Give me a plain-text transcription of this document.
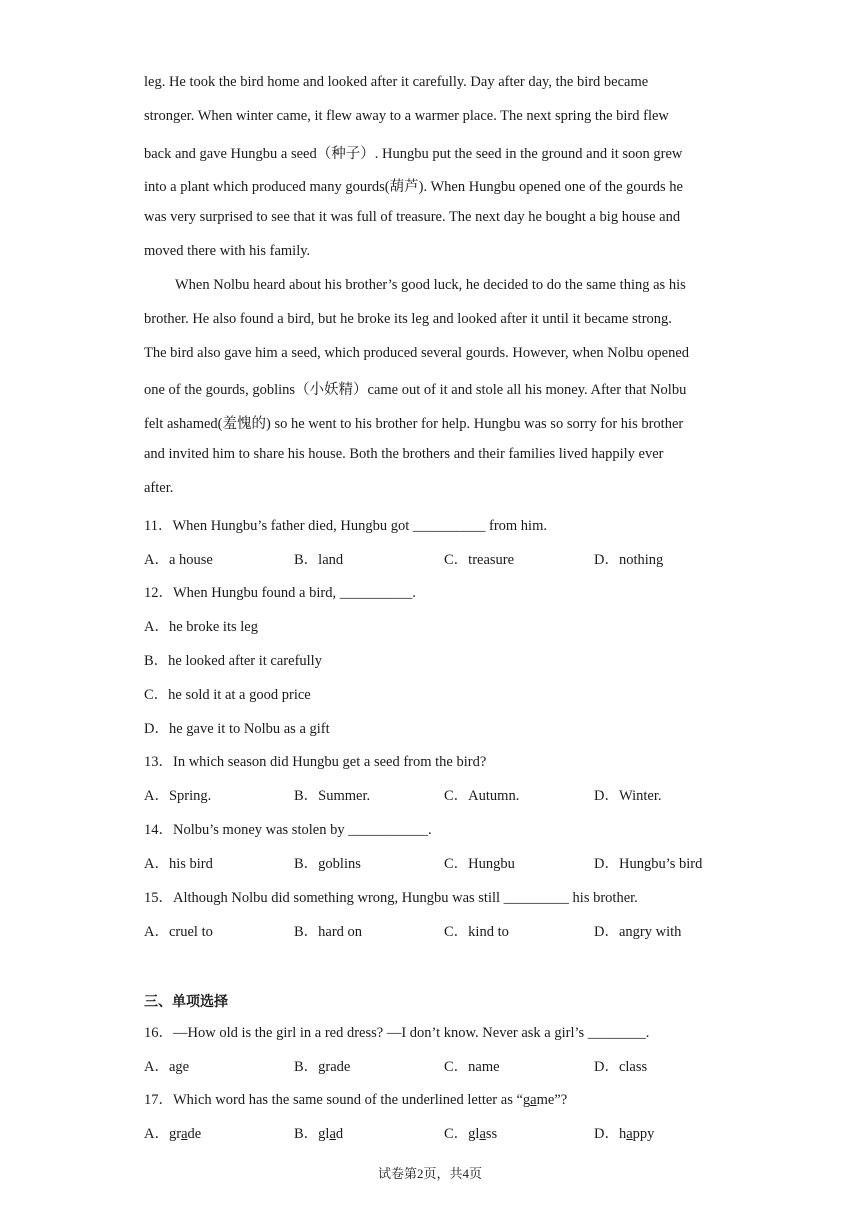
leg. He took the bird home and looked after it carefully. Day after day, the bird became
stronger. When winter came, it flew away to a warmer place. The next spring the bird flew
back and gave Hungbu a seed（种子）. Hungbu put the seed in the ground and it soon grew
into a plant which produced many gourds(葫芦). When Hungbu opened one of the gourds he
was very surprised to see that it was full of treasure. The next day he bought a big house and
moved there with his family.
When Nolbu heard about his brother’s good luck, he decided to do the same thing as his
brother. He also found a bird, but he broke its leg and looked after it until it became strong.
The bird also gave him a seed, which produced several gourds. However, when Nolbu opened
one of the gourds, goblins（小妖精）came out of it and stole all his money. After that Nolbu
felt ashamed(羞愧的) so he went to his brother for help. Hungbu was so sorry for his brother
and invited him to share his house. Both the brothers and their families lived happily ever
after.
11．When Hungbu’s father died, Hungbu got __________ from him.
A．a house	B．land	C．treasure	D．nothing
12．When Hungbu found a bird, __________.
A．he broke its leg
B．he looked after it carefully
C．he sold it at a good price
D．he gave it to Nolbu as a gift
13．In which season did Hungbu get a seed from the bird?
A．Spring.	B．Summer.	C．Autumn.	D．Winter.
14．Nolbu’s money was stolen by ___________.
A．his bird	B．goblins	C．Hungbu	D．Hungbu’s bird
15．Although Nolbu did something wrong, Hungbu was still _________ his brother.
A．cruel to	B．hard on	C．kind to	D．angry with
三、单项选择
16．—How old is the girl in a red dress? —I don’t know. Never ask a girl’s ________.
A．age	B．grade	C．name	D．class
17．Which word has the same sound of the underlined letter as “game”?
A．grade	B．glad	C．glass	D．happy
试卷第2页，共4页
